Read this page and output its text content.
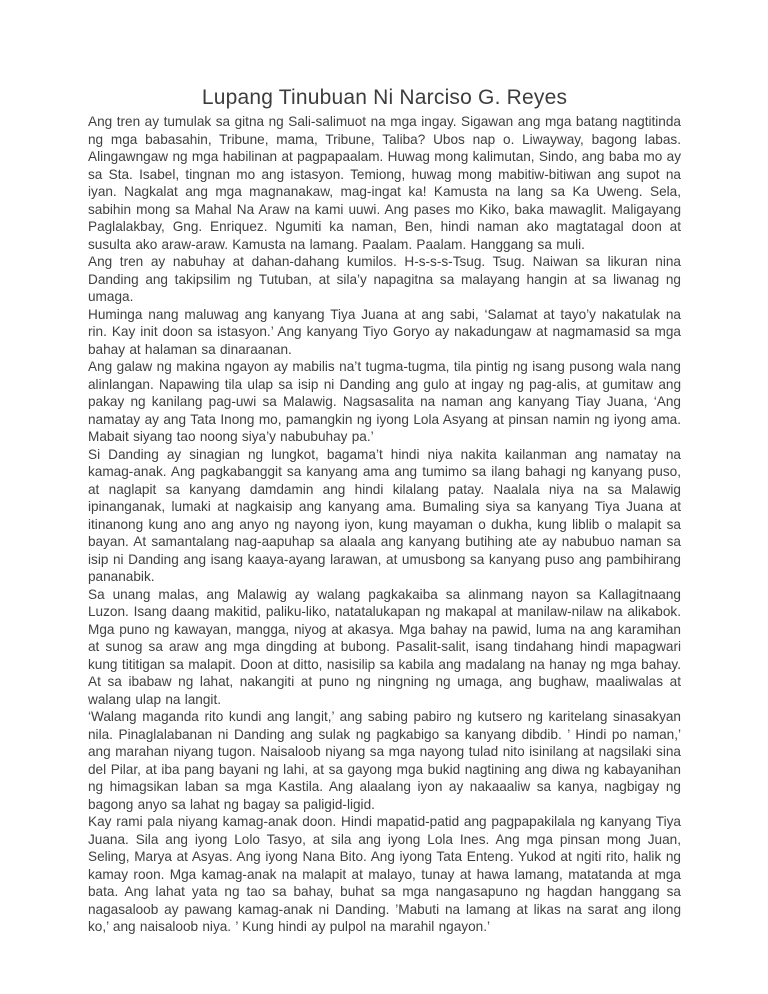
Lupang Tinubuan Ni Narciso G. Reyes

Ang tren ay tumulak sa gitna ng Sali-salimuot na mga ingay. Sigawan ang mga batang nagtitinda ng mga babasahin, Tribune, mama, Tribune, Taliba? Ubos nap o. Liwayway, bagong labas. Alingawngaw ng mga habilinan at pagpapaalam. Huwag mong kalimutan, Sindo, ang baba mo ay sa Sta. Isabel, tingnan mo ang istasyon. Temiong, huwag mong mabitiw-bitiwan ang supot na iyan. Nagkalat ang mga magnanakaw, mag-ingat ka! Kamusta na lang sa Ka Uweng. Sela, sabihin mong sa Mahal Na Araw na kami uuwi. Ang pases mo Kiko, baka mawaglit. Maligayang Paglalakbay, Gng. Enriquez. Ngumiti ka naman, Ben, hindi naman ako magtatagal doon at susulta ako araw-araw. Kamusta na lamang. Paalam. Paalam. Hanggang sa muli.

Ang tren ay nabuhay at dahan-dahang kumilos. H-s-s-s-Tsug. Tsug. Naiwan sa likuran nina Danding ang takipsilim ng Tutuban, at sila’y napagitna sa malayang hangin at sa liwanag ng umaga.

Huminga nang maluwag ang kanyang Tiya Juana at ang sabi, ‘Salamat at tayo’y nakatulak na rin. Kay init doon sa istasyon.’ Ang kanyang Tiyo Goryo ay nakadungaw at nagmamasid sa mga bahay at halaman sa dinaraanan.

Ang galaw ng makina ngayon ay mabilis na’t tugma-tugma, tila pintig ng isang pusong wala nang alinlangan. Napawing tila ulap sa isip ni Danding ang gulo at ingay ng pag-alis, at gumitaw ang pakay ng kanilang pag-uwi sa Malawig. Nagsasalita na naman ang kanyang Tiay Juana, ‘Ang namatay ay ang Tata Inong mo, pamangkin ng iyong Lola Asyang at pinsan namin ng iyong ama. Mabait siyang tao noong siya’y nabubuhay pa.’

Si Danding ay sinagian ng lungkot, bagama’t hindi niya nakita kailanman ang namatay na kamag-anak. Ang pagkabanggit sa kanyang ama ang tumimo sa ilang bahagi ng kanyang puso, at naglapit sa kanyang damdamin ang hindi kilalang patay. Naalala niya na sa Malawig ipinanganak, lumaki at nagkaisip ang kanyang ama. Bumaling siya sa kanyang Tiya Juana at itinanong kung ano ang anyo ng nayong iyon, kung mayaman o dukha, kung liblib o malapit sa bayan. At samantalang nag-aapuhap sa alaala ang kanyang butihing ate ay nabubuo naman sa isip ni Danding ang isang kaaya-ayang larawan, at umusbong sa kanyang puso ang pambihirang pananabik.

Sa unang malas, ang Malawig ay walang pagkakaiba sa alinmang nayon sa Kallagitnaang Luzon. Isang daang makitid, paliku-liko, natatalukapan ng makapal at manilaw-nilaw na alikabok. Mga puno ng kawayan, mangga, niyog at akasya. Mga bahay na pawid, luma na ang karamihan at sunog sa araw ang mga dingding at bubong. Pasalit-salit, isang tindahang hindi mapagwari kung tititigan sa malapit. Doon at ditto, nasisilip sa kabila ang madalang na hanay ng mga bahay. At sa ibabaw ng lahat, nakangiti at puno ng ningning ng umaga, ang bughaw, maaliwalas at walang ulap na langit.

‘Walang maganda rito kundi ang langit,’ ang sabing pabiro ng kutsero ng karitelang sinasakyan nila. Pinaglalabanan ni Danding ang sulak ng pagkabigo sa kanyang dibdib. ’ Hindi po naman,’ ang marahan niyang tugon. Naisaloob niyang sa mga nayong tulad nito isinilang at nagsilaki sina del Pilar, at iba pang bayani ng lahi, at sa gayong mga bukid nagtining ang diwa ng kabayanihan ng himagsikan laban sa mga Kastila. Ang alaalang iyon ay nakaaaliw sa kanya, nagbigay ng bagong anyo sa lahat ng bagay sa paligid-ligid.

Kay rami pala niyang kamag-anak doon. Hindi mapatid-patid ang pagpapakilala ng kanyang Tiya Juana. Sila ang iyong Lolo Tasyo, at sila ang iyong Lola Ines. Ang mga pinsan mong Juan, Seling, Marya at Asyas. Ang iyong Nana Bito. Ang iyong Tata Enteng. Yukod at ngiti rito, halik ng kamay roon. Mga kamag-anak na malapit at malayo, tunay at hawa lamang, matatanda at mga bata. Ang lahat yata ng tao sa bahay, buhat sa mga nangasapuno ng hagdan hanggang sa nagasaloob ay pawang kamag-anak ni Danding. ’Mabuti na lamang at likas na sarat ang ilong ko,’ ang naisaloob niya. ’ Kung hindi ay pulpol na marahil ngayon.’
